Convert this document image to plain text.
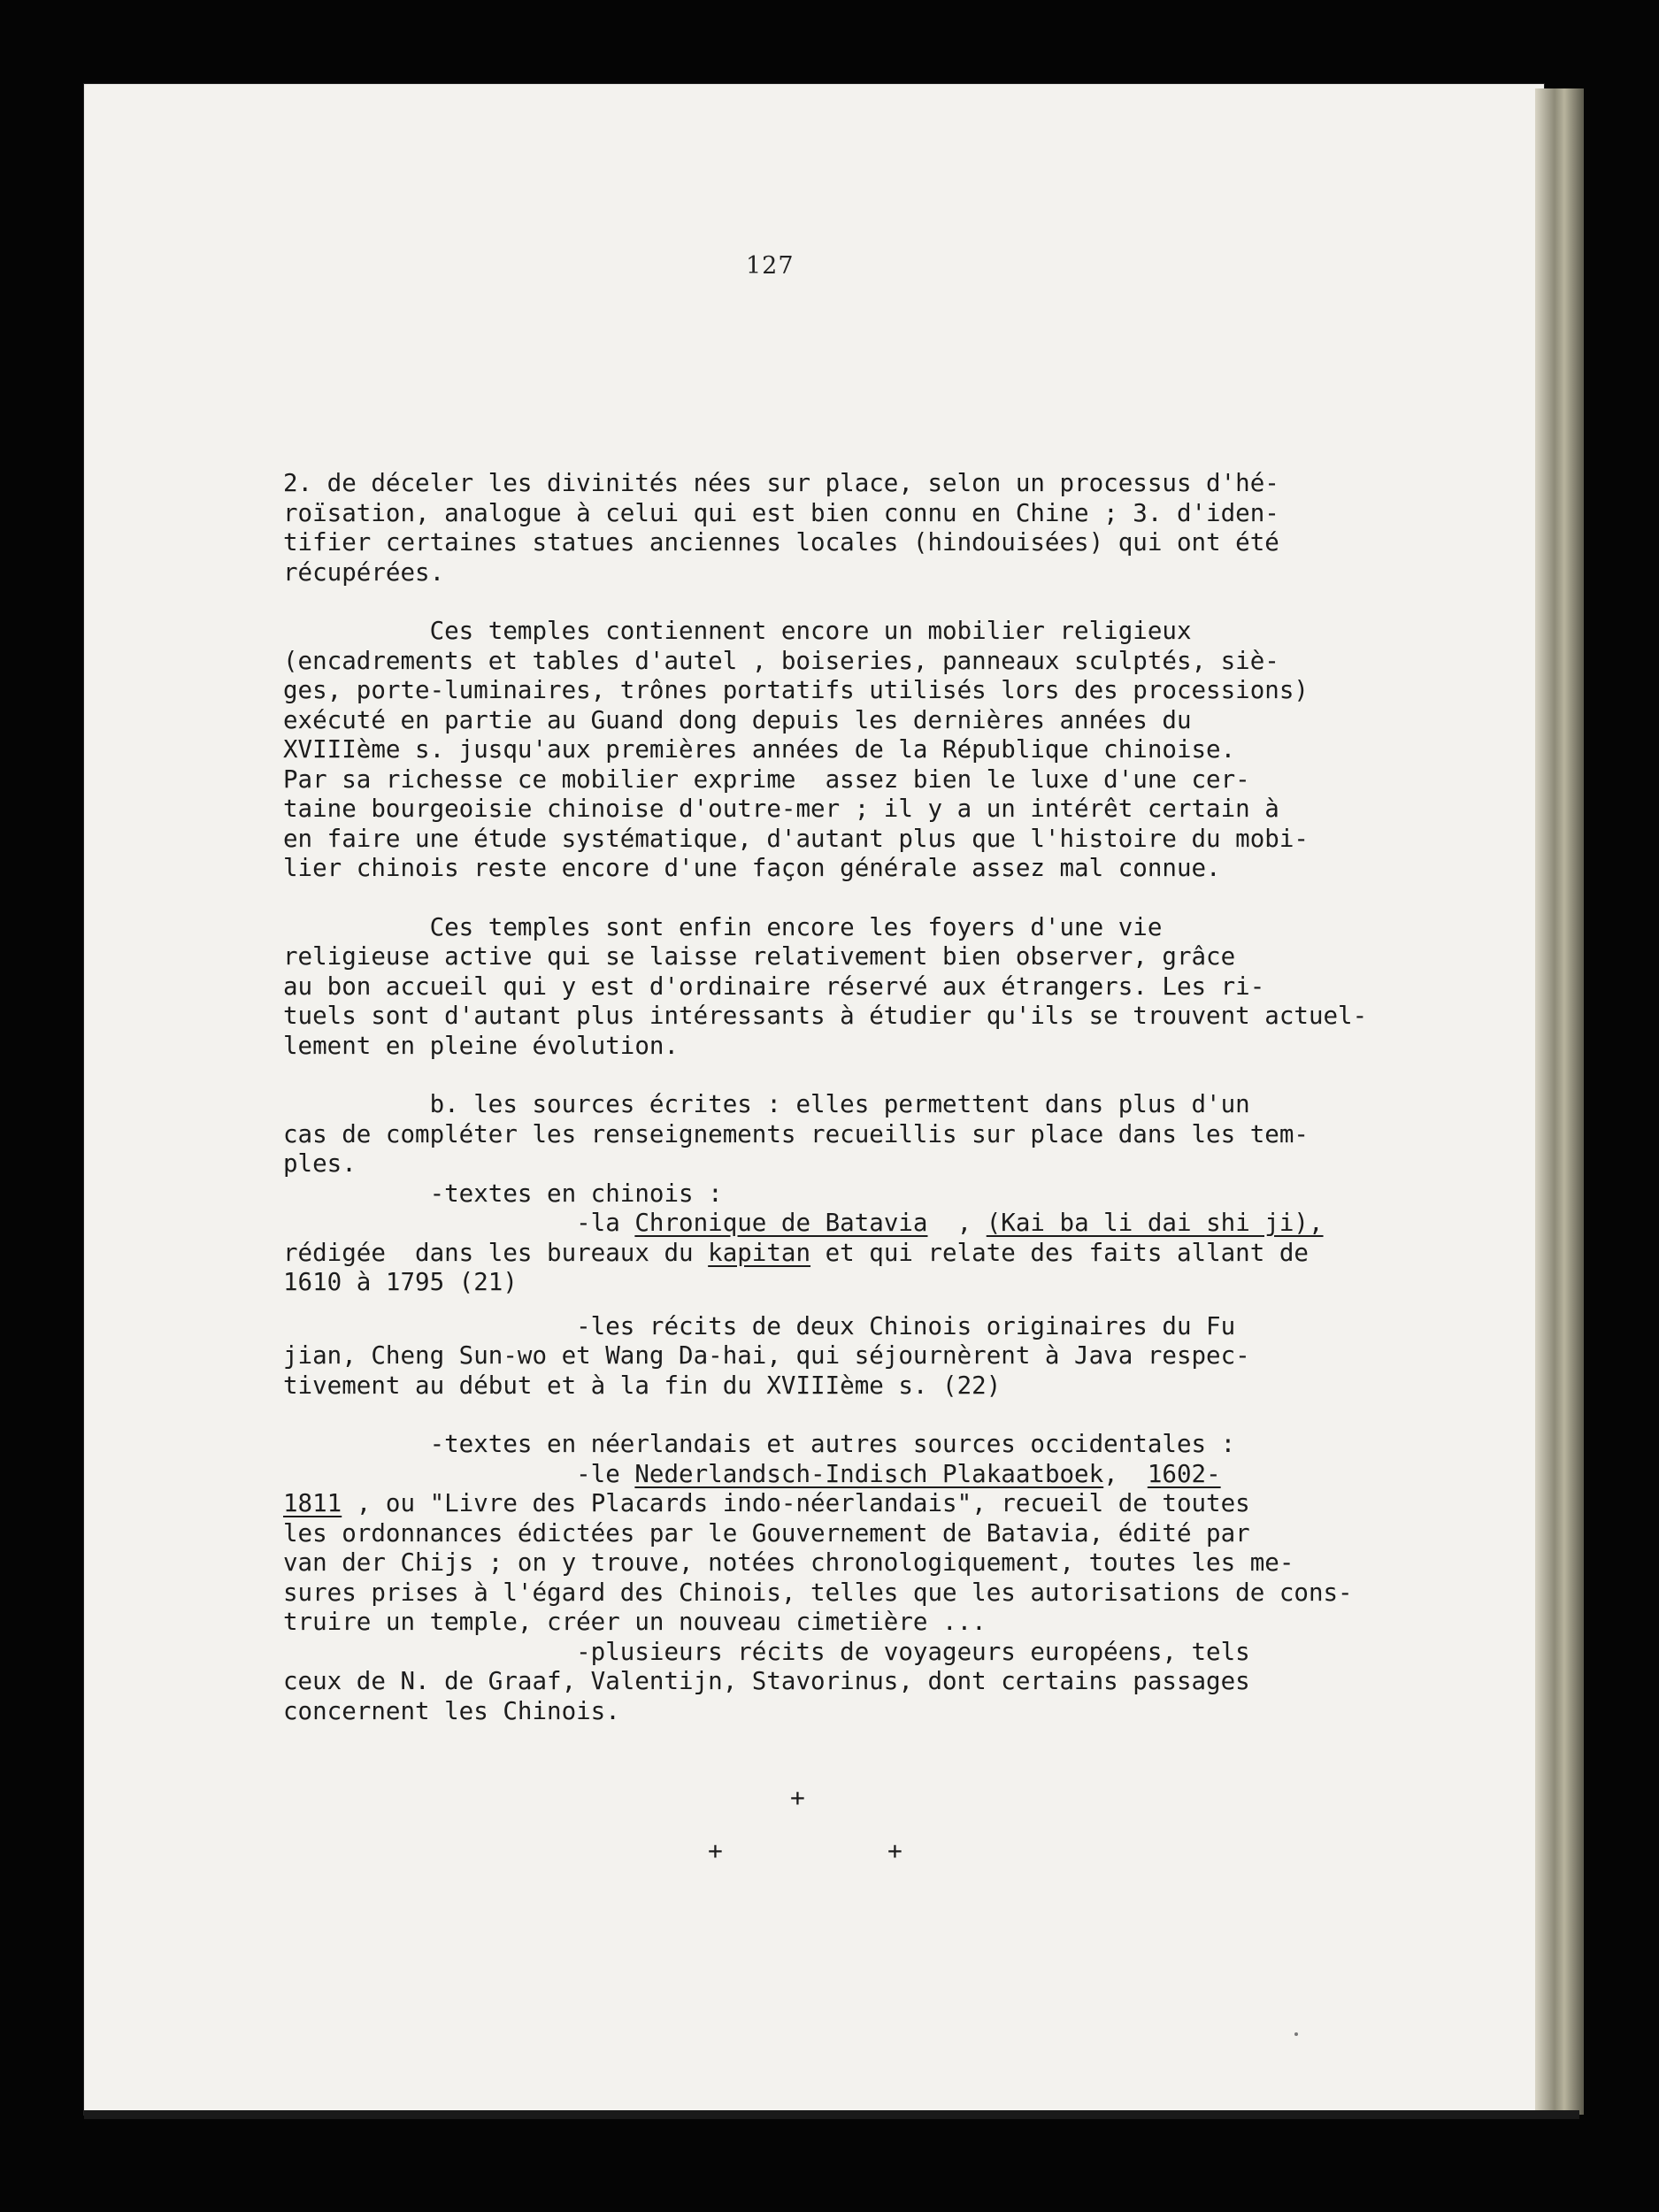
127

2. de déceler les divinités nées sur place, selon un processus d'hé-

roïsation, analogue à celui qui est bien connu en Chine ; 3. d'iden-

tifier certaines statues anciennes locales (hindouisées) qui ont été

récupérées.

Ces temples contiennent encore un mobilier religieux

(encadrements et tables d'autel , boiseries, panneaux sculptés, siè-

ges, porte-luminaires, trônes portatifs utilisés lors des processions)

exécuté en partie au Guand dong depuis les dernières années du

XVIIIème s. jusqu'aux premières années de la République chinoise.

Par sa richesse ce mobilier exprime  assez bien le luxe d'une cer-

taine bourgeoisie chinoise d'outre-mer ; il y a un intérêt certain à

en faire une étude systématique, d'autant plus que l'histoire du mobi-

lier chinois reste encore d'une façon générale assez mal connue.

Ces temples sont enfin encore les foyers d'une vie

religieuse active qui se laisse relativement bien observer, grâce

au bon accueil qui y est d'ordinaire réservé aux étrangers. Les ri-

tuels sont d'autant plus intéressants à étudier qu'ils se trouvent actuel-

lement en pleine évolution.

b. les sources écrites : elles permettent dans plus d'un

cas de compléter les renseignements recueillis sur place dans les tem-

ples.

-textes en chinois :

-la Chronique de Batavia  , (Kai ba li dai shi ji),

rédigée  dans les bureaux du kapitan et qui relate des faits allant de

1610 à 1795 (21)

-les récits de deux Chinois originaires du Fu

jian, Cheng Sun-wo et Wang Da-hai, qui séjournèrent à Java respec-

tivement au début et à la fin du XVIIIème s. (22)

-textes en néerlandais et autres sources occidentales :

-le Nederlandsch-Indisch Plakaatboek,  1602-

1811 , ou "Livre des Placards indo-néerlandais", recueil de toutes

les ordonnances édictées par le Gouvernement de Batavia, édité par

van der Chijs ; on y trouve, notées chronologiquement, toutes les me-

sures prises à l'égard des Chinois, telles que les autorisations de cons-

truire un temple, créer un nouveau cimetière ...

-plusieurs récits de voyageurs européens, tels

ceux de N. de Graaf, Valentijn, Stavorinus, dont certains passages

concernent les Chinois.

+
+	+
